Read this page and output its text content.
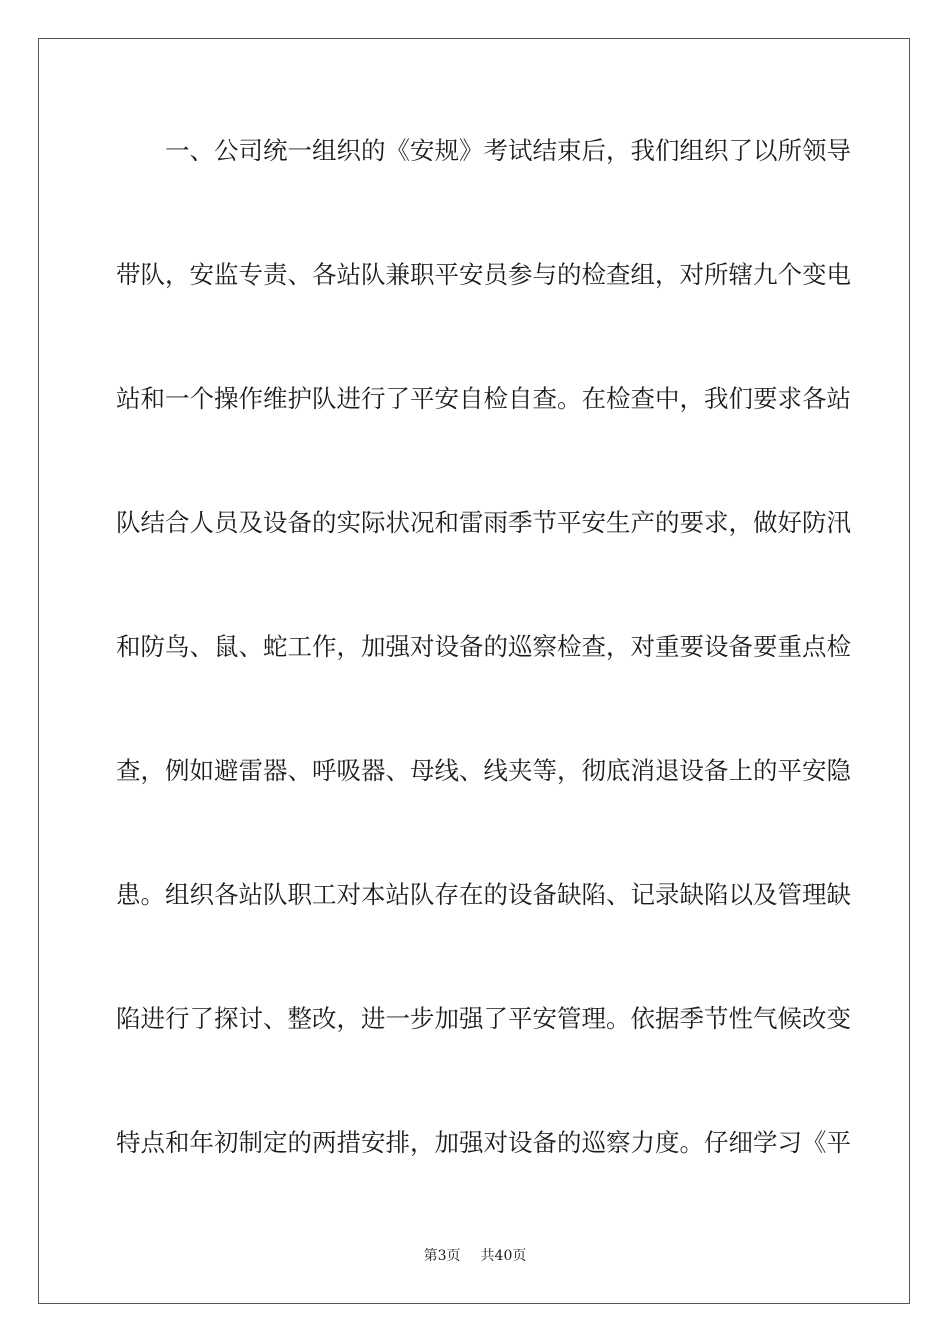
一、公司统一组织的《安规》考试结束后，我们组织了以所领导
带队，安监专责、各站队兼职平安员参与的检查组，对所辖九个变电
站和一个操作维护队进行了平安自检自查。在检查中，我们要求各站
队结合人员及设备的实际状况和雷雨季节平安生产的要求，做好防汛
和防鸟、鼠、蛇工作，加强对设备的巡察检查，对重要设备要重点检
查，例如避雷器、呼吸器、母线、线夹等，彻底消退设备上的平安隐
患。组织各站队职工对本站队存在的设备缺陷、记录缺陷以及管理缺
陷进行了探讨、整改，进一步加强了平安管理。依据季节性气候改变
特点和年初制定的两措安排，加强对设备的巡察力度。仔细学习《平
第3页 共40页
